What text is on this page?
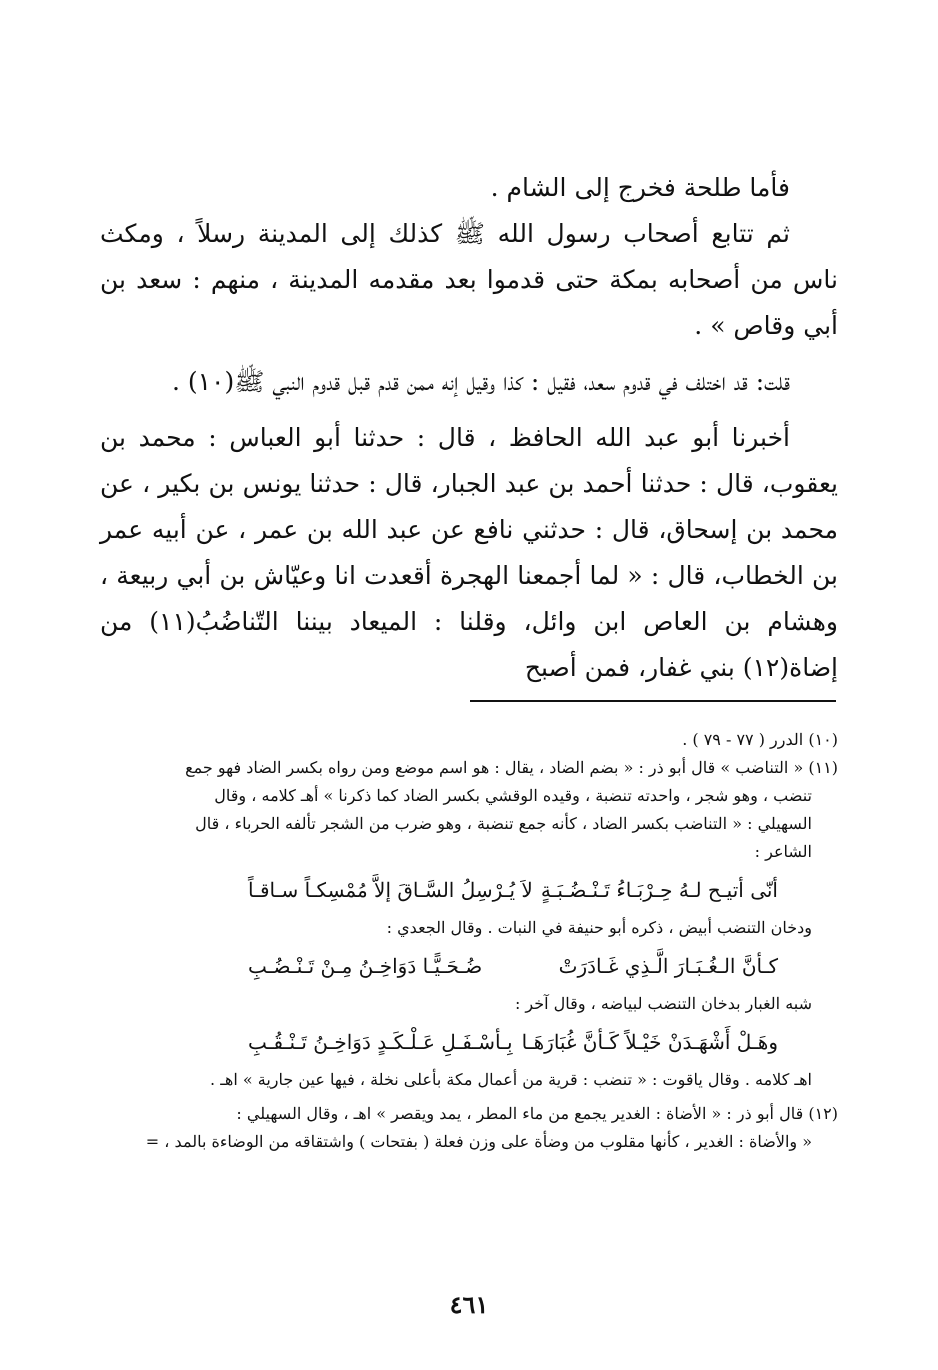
فأما طلحة فخرج إلى الشام .

ثم تتابع أصحاب رسول الله ﷺ كذلك إلى المدينة رسلاً ، ومكث ناس من أصحابه بمكة حتى قدموا بعد مقدمه المدينة ، منهم : سعد بن أبي وقاص » .

قلت: قد اختلف في قدوم سعد، فقيل : كذا وقيل إنه ممن قدم قبل قدوم النبي ﷺ(١٠) .

أخبرنا أبو عبد الله الحافظ ، قال : حدثنا أبو العباس : محمد بن يعقوب، قال : حدثنا أحمد بن عبد الجبار، قال : حدثنا يونس بن بكير ، عن محمد بن إسحاق، قال : حدثني نافع عن عبد الله بن عمر ، عن أبيه عمر بن الخطاب، قال : « لما أجمعنا الهجرة أقعدت انا وعيّاش بن أبي ربيعة ، وهشام بن العاص ابن وائل، وقلنا : الميعاد بيننا التّناضُبُ(١١) من إضاة(١٢) بني غفار، فمن أصبح

(١٠) الدرر ( ٧٧ - ٧٩ ) .

(١١) « التناضب » قال أبو ذر : « بضم الضاد ، يقال : هو اسم موضع ومن رواه بكسر الضاد فهو جمع

تنضب ، وهو شجر ، واحدته تنضبة ، وقيده الوقشي بكسر الضاد كما ذكرنا » أهـ كلامه ، وقال

السهيلي : « التناضب بكسر الضاد ، كأنه جمع تنضبة ، وهو ضرب من الشجر تألفه الحرباء ، قال

الشاعر :

أنّى أتيـح لـهُ حِـرْبَـاءُ تَـنْـضُـبَـةٍ
لاَ يُـرْسِلُ السَّـاقَ إلاَّ مُمْسِكـاً سـاقـاً

ودخان التنضب أبيض ، ذكره أبو حنيفة في النبات . وقال الجعدي :

كـأنَّ الـغُـبَـارَ الَّـذِي غَـادَرَتْ
ضُـحَـيًّـا دَوَاخِـنُ مِـنْ تَـنْـضُـبِ

شبه الغبار بدخان التنضب لبياضه ، وقال آخر :

وهَـلْ أَشْهَـدَنْ خَيْـلاً كَـأنَّ غُبَارَهَـا
بِـأسْـفَـلِ عَـلْـكَـدٍ دَوَاخِـنُ تَـنْـقُـبِ

اهـ كلامه . وقال ياقوت : « تنضب : قرية من أعمال مكة بأعلى نخلة ، فيها عين جارية » اهـ .

(١٢) قال أبو ذر : « الأضاة : الغدير يجمع من ماء المطر ، يمد ويقصر » اهـ ، وقال السهيلي :

« والأضاة : الغدير ، كأنها مقلوب من وضأة على وزن فعلة ( بفتحات ) واشتقاقه من الوضاءة بالمد ، =

٤٦١
